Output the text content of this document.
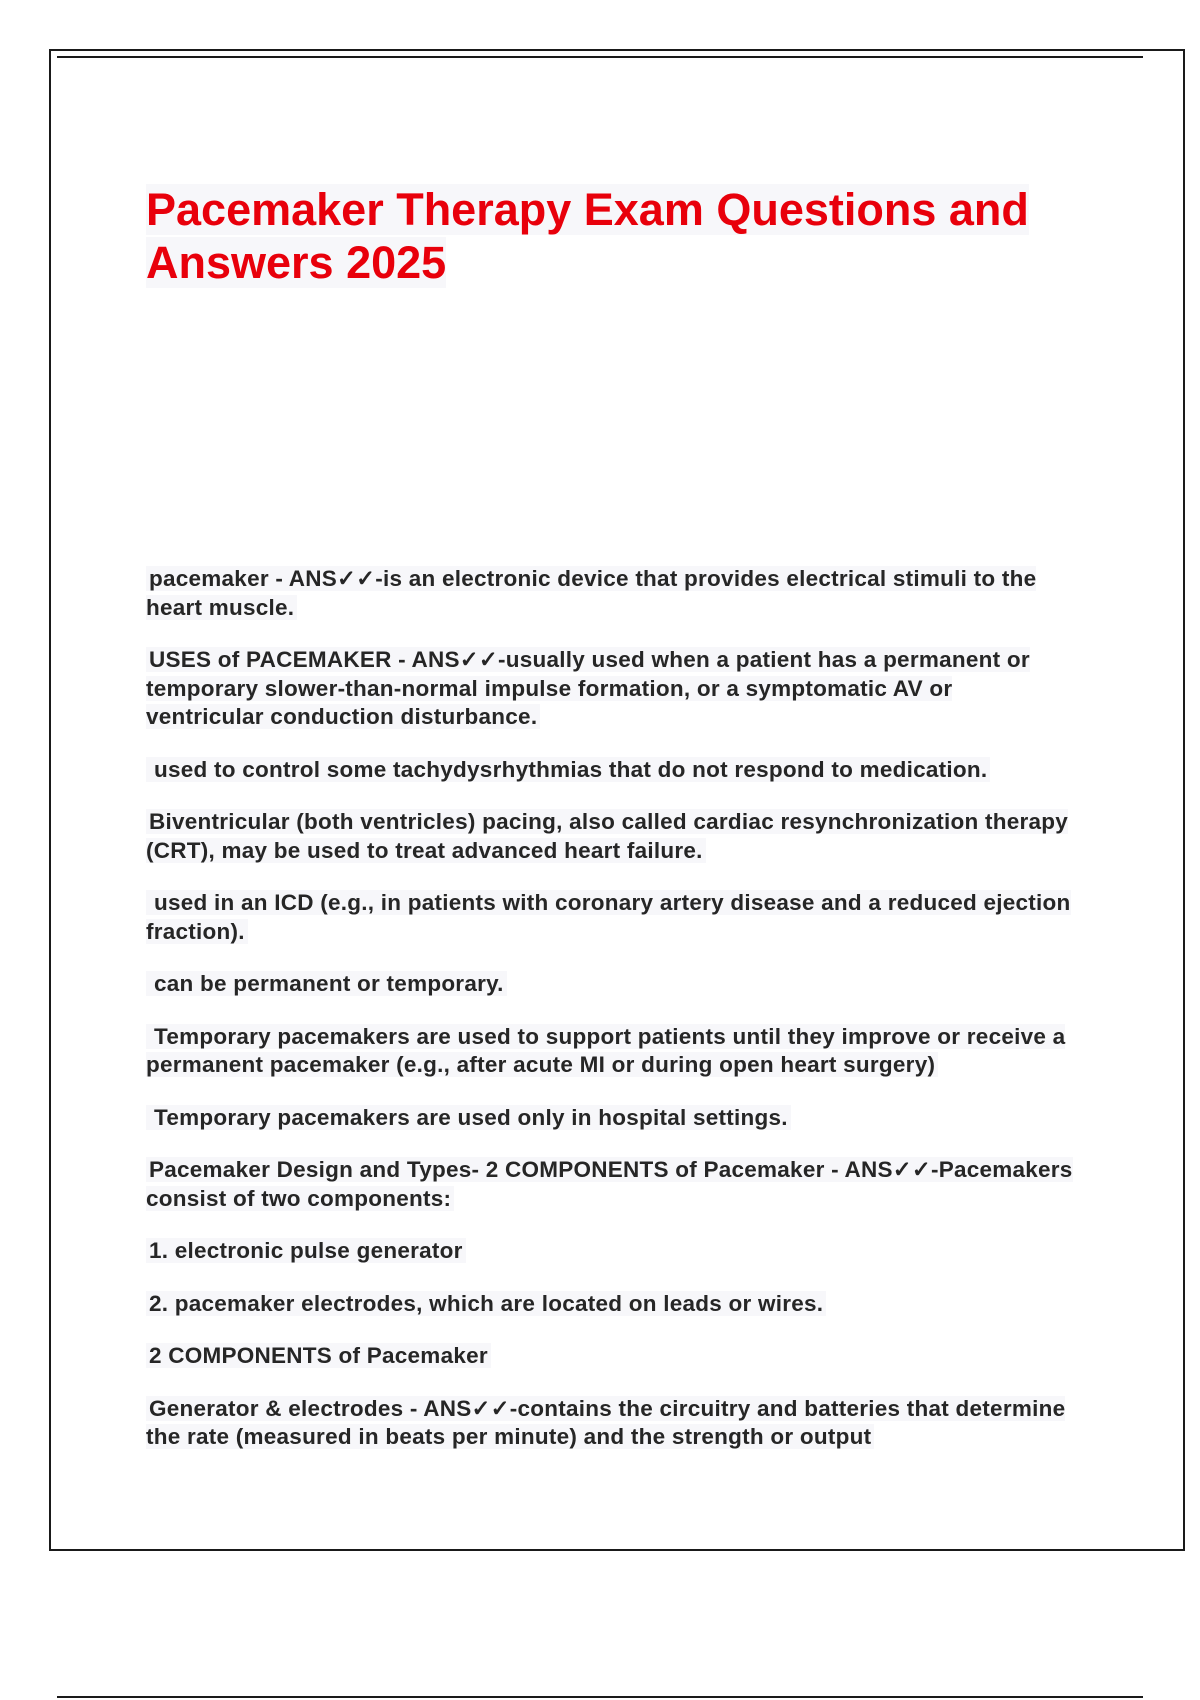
Pacemaker Therapy Exam Questions and Answers 2025

pacemaker - ANS✓✓-is an electronic device that provides electrical stimuli to the heart muscle.

USES of PACEMAKER - ANS✓✓-usually used when a patient has a permanent or temporary slower-than-normal impulse formation, or a symptomatic AV or ventricular conduction disturbance.

used to control some tachydysrhythmias that do not respond to medication.

Biventricular (both ventricles) pacing, also called cardiac resynchronization therapy (CRT), may be used to treat advanced heart failure.

used in an ICD (e.g., in patients with coronary artery disease and a reduced ejection fraction).

can be permanent or temporary.

Temporary pacemakers are used to support patients until they improve or receive a permanent pacemaker (e.g., after acute MI or during open heart surgery)

Temporary pacemakers are used only in hospital settings.

Pacemaker Design and Types- 2 COMPONENTS of Pacemaker - ANS✓✓-Pacemakers consist of two components:

1. electronic pulse generator

2. pacemaker electrodes, which are located on leads or wires.

2 COMPONENTS of Pacemaker

Generator & electrodes - ANS✓✓-contains the circuitry and batteries that determine the rate (measured in beats per minute) and the strength or output
